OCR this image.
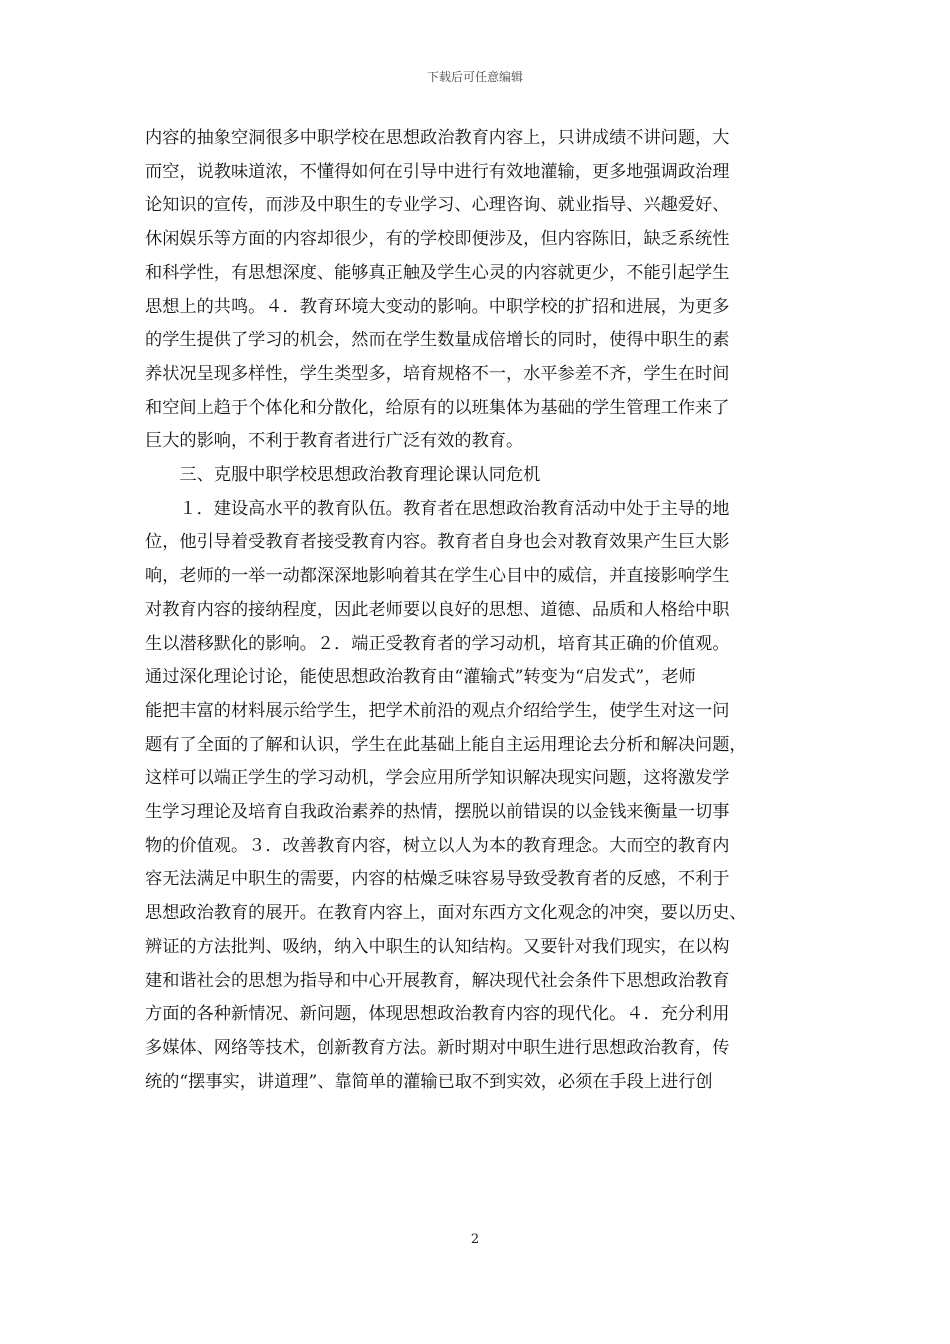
下载后可任意编辑
内容的抽象空洞很多中职学校在思想政治教育内容上，只讲成绩不讲问题，大
而空，说教味道浓，不懂得如何在引导中进行有效地灌输，更多地强调政治理
论知识的宣传，而涉及中职生的专业学习、心理咨询、就业指导、兴趣爱好、
休闲娱乐等方面的内容却很少，有的学校即便涉及，但内容陈旧，缺乏系统性
和科学性，有思想深度、能够真正触及学生心灵的内容就更少，不能引起学生
思想上的共鸣。４．教育环境大变动的影响。中职学校的扩招和进展，为更多
的学生提供了学习的机会，然而在学生数量成倍增长的同时，使得中职生的素
养状况呈现多样性，学生类型多，培育规格不一，水平参差不齐，学生在时间
和空间上趋于个体化和分散化，给原有的以班集体为基础的学生管理工作来了
巨大的影响，不利于教育者进行广泛有效的教育。
　　三、克服中职学校思想政治教育理论课认同危机
　　１．建设高水平的教育队伍。教育者在思想政治教育活动中处于主导的地
位，他引导着受教育者接受教育内容。教育者自身也会对教育效果产生巨大影
响，老师的一举一动都深深地影响着其在学生心目中的威信，并直接影响学生
对教育内容的接纳程度，因此老师要以良好的思想、道德、品质和人格给中职
生以潜移默化的影响。２．端正受教育者的学习动机，培育其正确的价值观。
通过深化理论讨论，能使思想政治教育由“灌输式”转变为“启发式”，老师
能把丰富的材料展示给学生，把学术前沿的观点介绍给学生，使学生对这一问
题有了全面的了解和认识，学生在此基础上能自主运用理论去分析和解决问题，
这样可以端正学生的学习动机，学会应用所学知识解决现实问题，这将激发学
生学习理论及培育自我政治素养的热情，摆脱以前错误的以金钱来衡量一切事
物的价值观。３．改善教育内容，树立以人为本的教育理念。大而空的教育内
容无法满足中职生的需要，内容的枯燥乏味容易导致受教育者的反感，不利于
思想政治教育的展开。在教育内容上，面对东西方文化观念的冲突，要以历史、
辨证的方法批判、吸纳，纳入中职生的认知结构。又要针对我们现实，在以构
建和谐社会的思想为指导和中心开展教育，解决现代社会条件下思想政治教育
方面的各种新情况、新问题，体现思想政治教育内容的现代化。４．充分利用
多媒体、网络等技术，创新教育方法。新时期对中职生进行思想政治教育，传
统的“摆事实，讲道理”、靠简单的灌输已取不到实效，必须在手段上进行创
2
